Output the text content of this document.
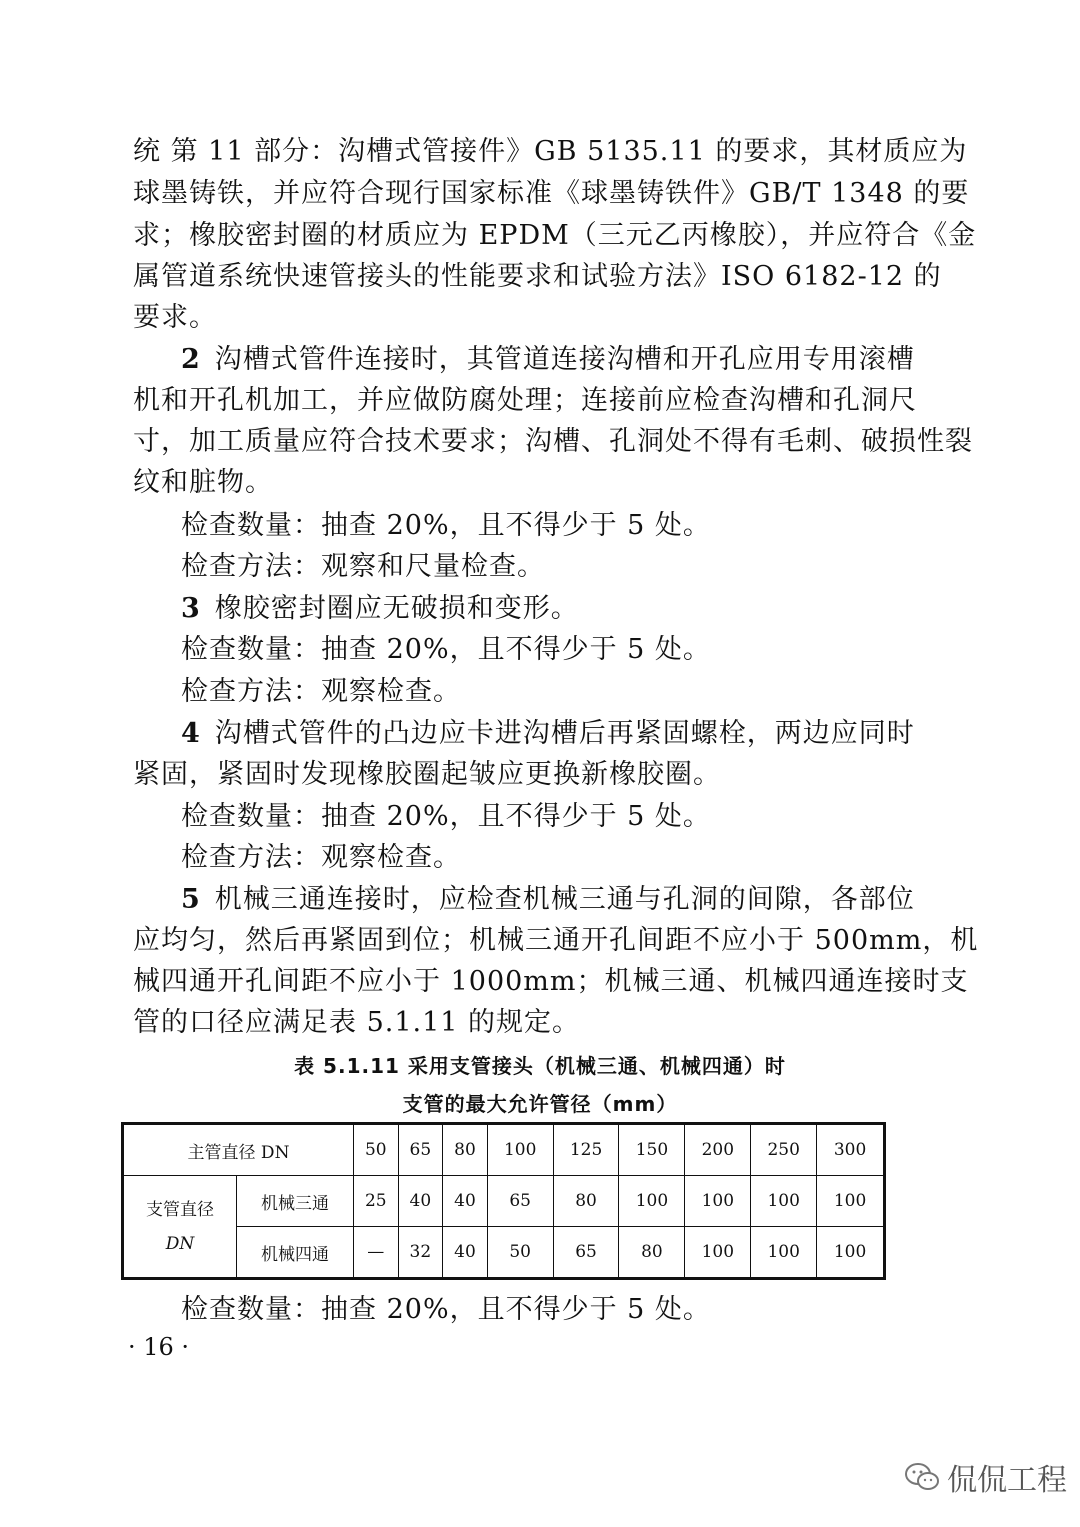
统 第 11 部分：沟槽式管接件》GB 5135.11 的要求，其材质应为
球墨铸铁，并应符合现行国家标准《球墨铸铁件》GB/T 1348 的要
求；橡胶密封圈的材质应为 EPDM（三元乙丙橡胶），并应符合《金
属管道系统快速管接头的性能要求和试验方法》ISO 6182-12 的
要求。
2 沟槽式管件连接时，其管道连接沟槽和开孔应用专用滚槽
机和开孔机加工，并应做防腐处理；连接前应检查沟槽和孔洞尺
寸，加工质量应符合技术要求；沟槽、孔洞处不得有毛刺、破损性裂
纹和脏物。
检查数量：抽查 20%，且不得少于 5 处。
检查方法：观察和尺量检查。
3 橡胶密封圈应无破损和变形。
检查数量：抽查 20%，且不得少于 5 处。
检查方法：观察检查。
4 沟槽式管件的凸边应卡进沟槽后再紧固螺栓，两边应同时
紧固，紧固时发现橡胶圈起皱应更换新橡胶圈。
检查数量：抽查 20%，且不得少于 5 处。
检查方法：观察检查。
5 机械三通连接时，应检查机械三通与孔洞的间隙，各部位
应均匀，然后再紧固到位；机械三通开孔间距不应小于 500mm，机
械四通开孔间距不应小于 1000mm；机械三通、机械四通连接时支
管的口径应满足表 5.1.11 的规定。
表 5.1.11 采用支管接头（机械三通、机械四通）时
支管的最大允许管径（mm）
主管直径 DN		50	65	80	100	125	150	200	250	300

支管直径
DN	机械三通	25	40	40	65	80	100	100	100	100
	机械四通	—	32	40	50	65	80	100	100	100
检查数量：抽查 20%，且不得少于 5 处。
· 16 ·
侃侃工程
